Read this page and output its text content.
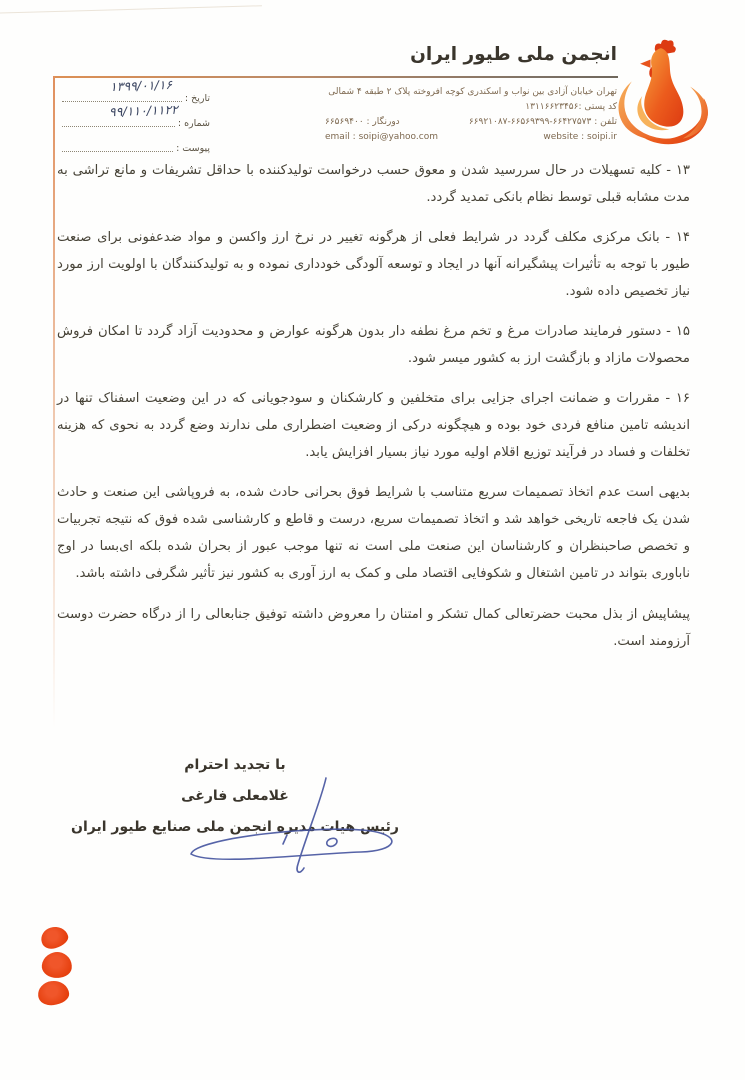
انجمن ملی طیور ایران
تهران خیابان آزادی بین نواب و اسکندری کوچه افروخته پلاک ۲ طبقه ۴ شمالی
کد پستی :۱۳۱۱۶۶۲۳۴۵۶
تلفن : ۶۶۴۲۷۵۷۳-۶۶۵۶۹۳۹۹-۶۶۹۲۱۰۸۷
دورنگار : ۶۶۵۶۹۴۰۰
website : soipi.ir
email : soipi@yahoo.com
تاریخ :
۱۳۹۹/۰۱/۱۶
شماره :
۹۹/۱۱۰/۱۱۲۲
پیوست :

۱۳ - کلیه تسهیلات در حال سررسید شدن و معوق حسب درخواست تولیدکننده با حداقل تشریفات و مانع تراشی به مدت مشابه قبلی توسط نظام بانکی تمدید گردد.

۱۴ - بانک مرکزی مکلف گردد در شرایط فعلی از هرگونه تغییر در نرخ ارز واکسن و مواد ضدعفونی برای صنعت طیور با توجه به تأثیرات پیشگیرانه آنها در ایجاد و توسعه آلودگی خودداری نموده و به تولیدکنندگان با اولویت ارز مورد نیاز تخصیص داده شود.

۱۵ - دستور فرمایند صادرات مرغ و تخم مرغ نطفه دار بدون هرگونه عوارض و محدودیت آزاد گردد تا امکان فروش محصولات مازاد و بازگشت ارز به کشور میسر شود.

۱۶ - مقررات و ضمانت اجرای جزایی برای متخلفین و کارشکنان و سودجویانی که در این وضعیت اسفناک تنها در اندیشه تامین منافع فردی خود بوده و هیچگونه درکی از وضعیت اضطراری ملی ندارند وضع گردد به نحوی که هزینه تخلفات و فساد در فرآیند توزیع اقلام اولیه مورد نیاز بسیار افزایش یابد.

بدیهی است عدم اتخاذ تصمیمات سریع متناسب با شرایط فوق بحرانی حادث شده، به فروپاشی این صنعت و حادث شدن یک فاجعه تاریخی خواهد شد و اتخاذ تصمیمات سریع، درست و قاطع و کارشناسی شده فوق که نتیجه تجربیات و تخصص صاحبنظران و کارشناسان این صنعت ملی است نه تنها موجب عبور از بحران شده بلکه ای‌بسا در اوج ناباوری بتواند در تامین اشتغال و شکوفایی اقتصاد ملی و کمک به ارز آوری به کشور نیز تأثیر شگرفی داشته باشد.

پیشاپیش از بذل محبت حضرتعالی کمال تشکر و امتنان را معروض داشته توفیق جنابعالی را از درگاه حضرت دوست آرزومند است.

با تجدید احترام
غلامعلی فارغی
رئیس هیات مدیره انجمن ملی صنایع طیور ایران
